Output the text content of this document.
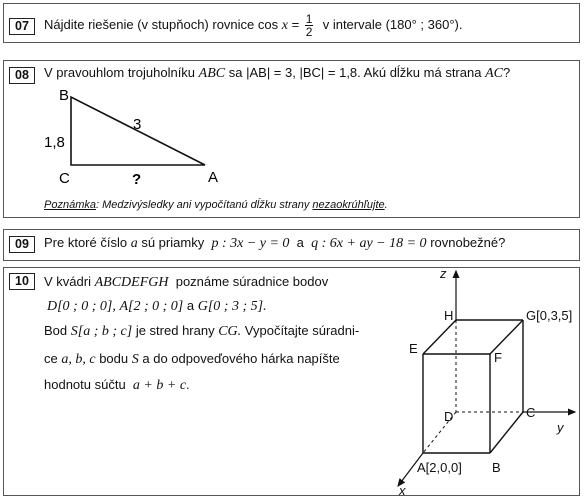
07	Nájdite riešenie (v stupňoch) rovnice $\cos x = \frac{1}{2}$ v intervale (180° ; 360°).
08	V pravouhlom trojuholníku ABC sa |AB| = 3, |BC| = 1,8. Akú dĺžku má strana AC?
B
C	A
3
1,8
?
Poznámka: Medzivýsledky ani vypočítanú dĺžku strany nezaokrúhľujte.
09	Pre ktoré číslo a sú priamky p : 3x − y = 0 a q : 6x + ay − 18 = 0 rovnobežné?
10	V kvádri ABCDEFGH poznáme súradnice bodov
D[0 ; 0 ; 0], A[2 ; 0 ; 0] a G[0 ; 3 ; 5].
Bod S[a ; b ; c] je stred hrany CG. Vypočítajte súradni-
ce a, b, c bodu S a do odpoveďového hárka napíšte
hodnotu súčtu a + b + c.
z
y
x
H	G[0,3,5]
E
F
D	C
A[2,0,0] B
